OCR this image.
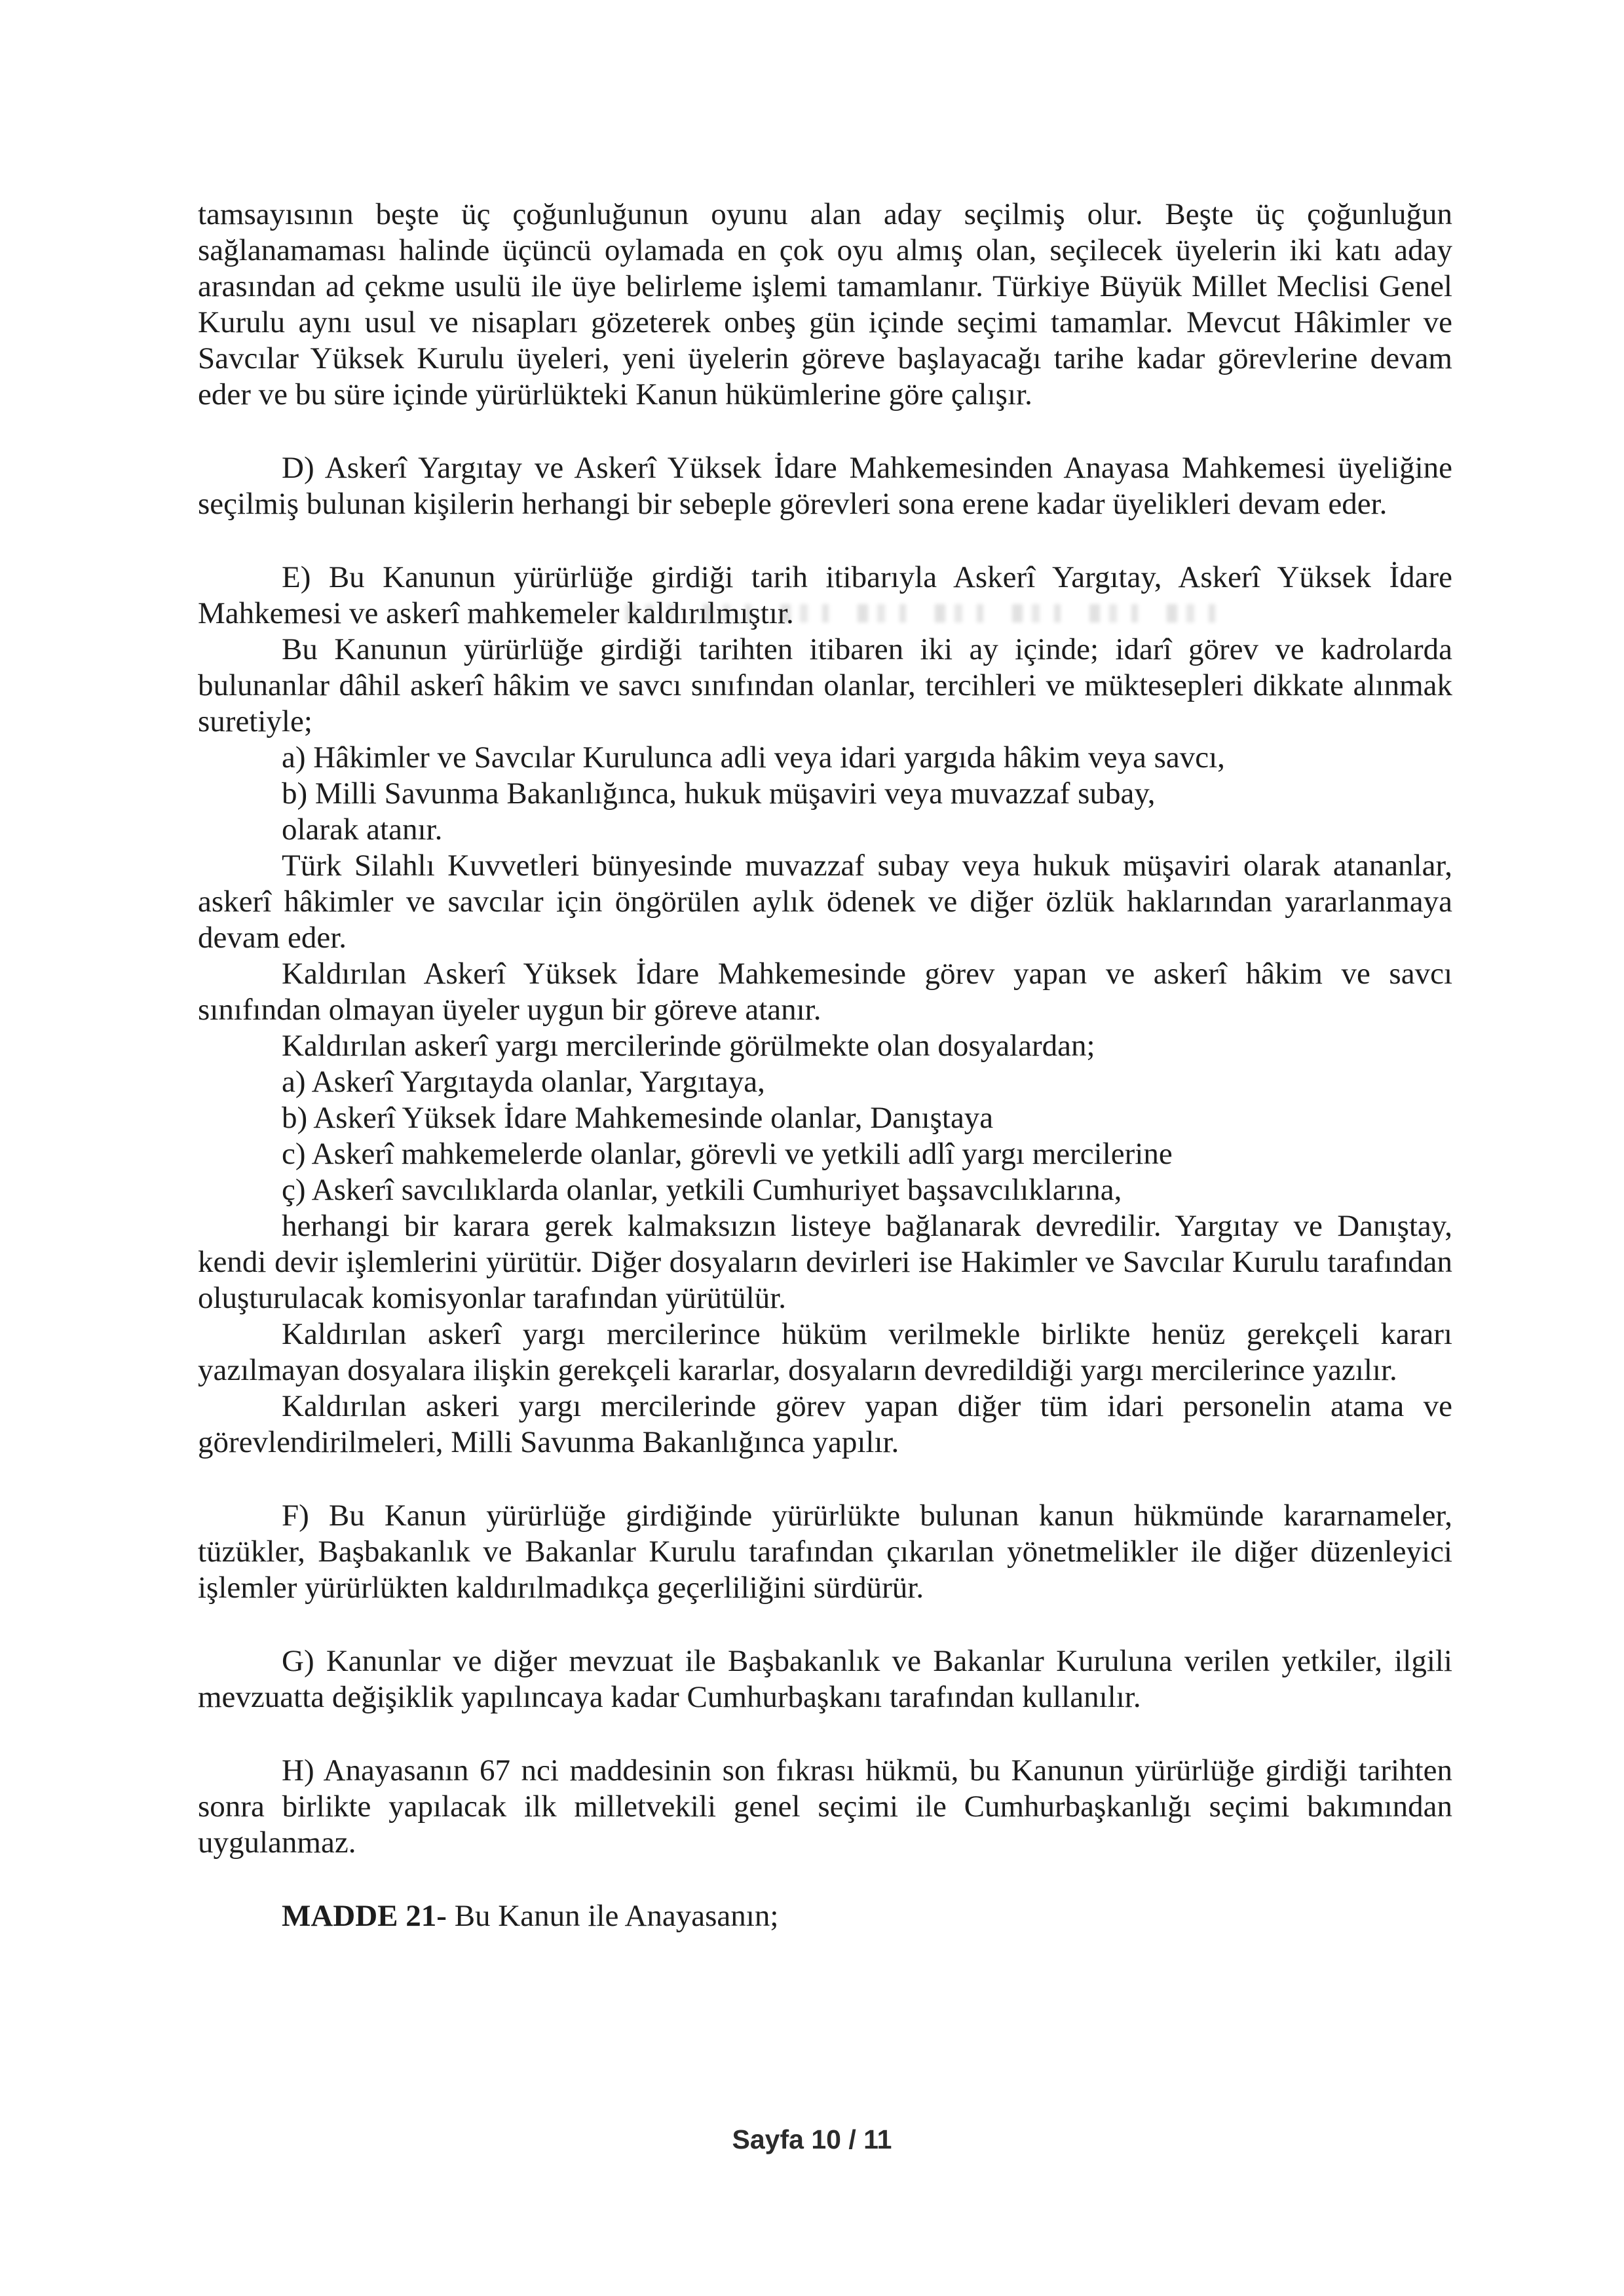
tamsayısının beşte üç çoğunluğunun oyunu alan aday seçilmiş olur. Beşte üç çoğunluğun sağlanamaması halinde üçüncü oylamada en çok oyu almış olan, seçilecek üyelerin iki katı aday arasından ad çekme usulü ile üye belirleme işlemi tamamlanır. Türkiye Büyük Millet Meclisi Genel Kurulu aynı usul ve nisapları gözeterek onbeş gün içinde seçimi tamamlar. Mevcut Hâkimler ve Savcılar Yüksek Kurulu üyeleri, yeni üyelerin göreve başlayacağı tarihe kadar görevlerine devam eder ve bu süre içinde yürürlükteki Kanun hükümlerine göre çalışır.

D) Askerî Yargıtay ve Askerî Yüksek İdare Mahkemesinden Anayasa Mahkemesi üyeliğine seçilmiş bulunan kişilerin herhangi bir sebeple görevleri sona erene kadar üyelikleri devam eder.

E) Bu Kanunun yürürlüğe girdiği tarih itibarıyla Askerî Yargıtay, Askerî Yüksek İdare Mahkemesi ve askerî mahkemeler kaldırılmıştır.

Bu Kanunun yürürlüğe girdiği tarihten itibaren iki ay içinde; idarî görev ve kadrolarda bulunanlar dâhil askerî hâkim ve savcı sınıfından olanlar, tercihleri ve müktesepleri dikkate alınmak suretiyle;

a) Hâkimler ve Savcılar Kurulunca adli veya idari yargıda hâkim veya savcı,

b) Milli Savunma Bakanlığınca, hukuk müşaviri veya muvazzaf subay,

olarak atanır.

Türk Silahlı Kuvvetleri bünyesinde muvazzaf subay veya hukuk müşaviri olarak atananlar, askerî hâkimler ve savcılar için öngörülen aylık ödenek ve diğer özlük haklarından yararlanmaya devam eder.

Kaldırılan Askerî Yüksek İdare Mahkemesinde görev yapan ve askerî hâkim ve savcı sınıfından olmayan üyeler uygun bir göreve atanır.

Kaldırılan askerî yargı mercilerinde görülmekte olan dosyalardan;

a) Askerî Yargıtayda olanlar, Yargıtaya,

b) Askerî Yüksek İdare Mahkemesinde olanlar, Danıştaya

c) Askerî mahkemelerde olanlar, görevli ve yetkili adlî yargı mercilerine

ç) Askerî savcılıklarda olanlar, yetkili Cumhuriyet başsavcılıklarına,

herhangi bir karara gerek kalmaksızın listeye bağlanarak devredilir. Yargıtay ve Danıştay, kendi devir işlemlerini yürütür. Diğer dosyaların devirleri ise Hakimler ve Savcılar Kurulu tarafından oluşturulacak komisyonlar tarafından yürütülür.

Kaldırılan askerî yargı mercilerince hüküm verilmekle birlikte henüz gerekçeli kararı yazılmayan dosyalara ilişkin gerekçeli kararlar, dosyaların devredildiği yargı mercilerince yazılır.

Kaldırılan askeri yargı mercilerinde görev yapan diğer tüm idari personelin atama ve görevlendirilmeleri, Milli Savunma Bakanlığınca yapılır.

F) Bu Kanun yürürlüğe girdiğinde yürürlükte bulunan kanun hükmünde kararnameler, tüzükler, Başbakanlık ve Bakanlar Kurulu tarafından çıkarılan yönetmelikler ile diğer düzenleyici işlemler yürürlükten kaldırılmadıkça geçerliliğini sürdürür.

G) Kanunlar ve diğer mevzuat ile Başbakanlık ve Bakanlar Kuruluna verilen yetkiler, ilgili mevzuatta değişiklik yapılıncaya kadar Cumhurbaşkanı tarafından kullanılır.

H) Anayasanın 67 nci maddesinin son fıkrası hükmü, bu Kanunun yürürlüğe girdiği tarihten sonra birlikte yapılacak ilk milletvekili genel seçimi ile Cumhurbaşkanlığı seçimi bakımından uygulanmaz.

MADDE 21- Bu Kanun ile Anayasanın;

Sayfa 10 / 11
